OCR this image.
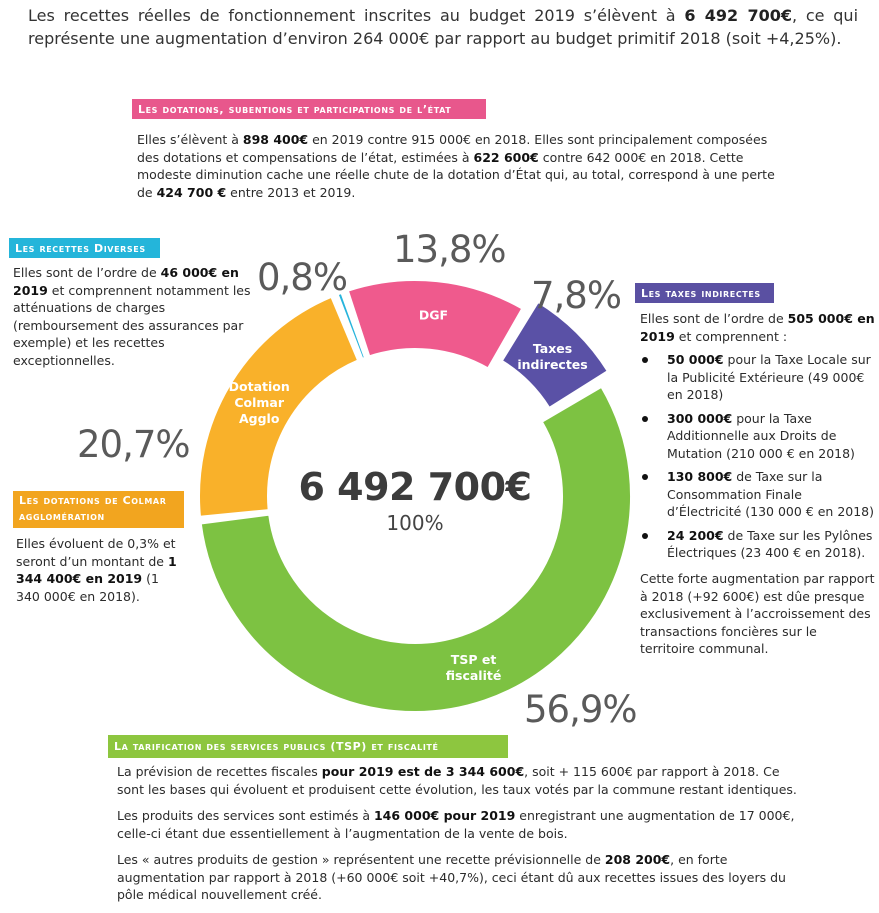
Les recettes réelles de fonctionnement inscrites au budget 2019 s’élèvent à 6 492 700€, ce qui représente une augmentation d’environ 264 000€ par rapport au budget primitif 2018 (soit +4,25%).
Les dotations, subentions et participations de l’état
Elles s’élèvent à 898 400€ en 2019 contre 915 000€ en 2018. Elles sont principalement composées des dotations et compensations de l’état, estimées à 622 600€ contre 642 000€ en 2018. Cette modeste diminution cache une réelle chute de la dotation d’État qui, au total, correspond à une perte de 424 700 € entre 2013 et 2019.
Les recettes Diverses
Elles sont de l’ordre de 46 000€ en 2019 et comprennent notamment les atténuations de charges (remboursement des assurances par exemple) et les recettes exceptionnelles.
Les taxes indirectes
Elles sont de l’ordre de 505 000€ en 2019 et comprennent :
50 000€ pour la Taxe Locale sur la Publicité Extérieure (49 000€ en 2018)
300 000€ pour la Taxe Additionnelle aux Droits de Mutation (210 000 € en 2018)
130 800€ de Taxe sur la Consommation Finale d’Électricité (130 000 € en 2018)
24 200€ de Taxe sur les Pylônes Électriques (23 400 € en 2018).
Cette forte augmentation par rapport à 2018 (+92 600€) est dûe presque exclusivement à l’accroissement des transactions foncières sur le territoire communal.
Les dotations de Colmar agglomération
Elles évoluent de 0,3% et seront d’un montant de 1 344 400€ en 2019 (1 340 000€ en 2018).
La tarification des services publics (TSP) et fiscalité
La prévision de recettes fiscales pour 2019 est de 3 344 600€, soit + 115 600€ par rapport à 2018. Ce sont les bases qui évoluent et produisent cette évolution, les taux votés par la commune restant identiques.
Les produits des services sont estimés à 146 000€ pour 2019 enregistrant une augmentation de 17 000€, celle-ci étant due essentiellement à l’augmentation de la vente de bois.
Les « autres produits de gestion » représentent une recette prévisionnelle de 208 200€, en forte augmentation par rapport à 2018 (+60 000€ soit +40,7%), ceci étant dû aux recettes issues des loyers du pôle médical nouvellement créé.
DGF
Taxes indirectes
TSP et fiscalité
Dotation Colmar Agglo
13,8%
7,8%
56,9%
20,7%
0,8%
6 492 700€
100%
